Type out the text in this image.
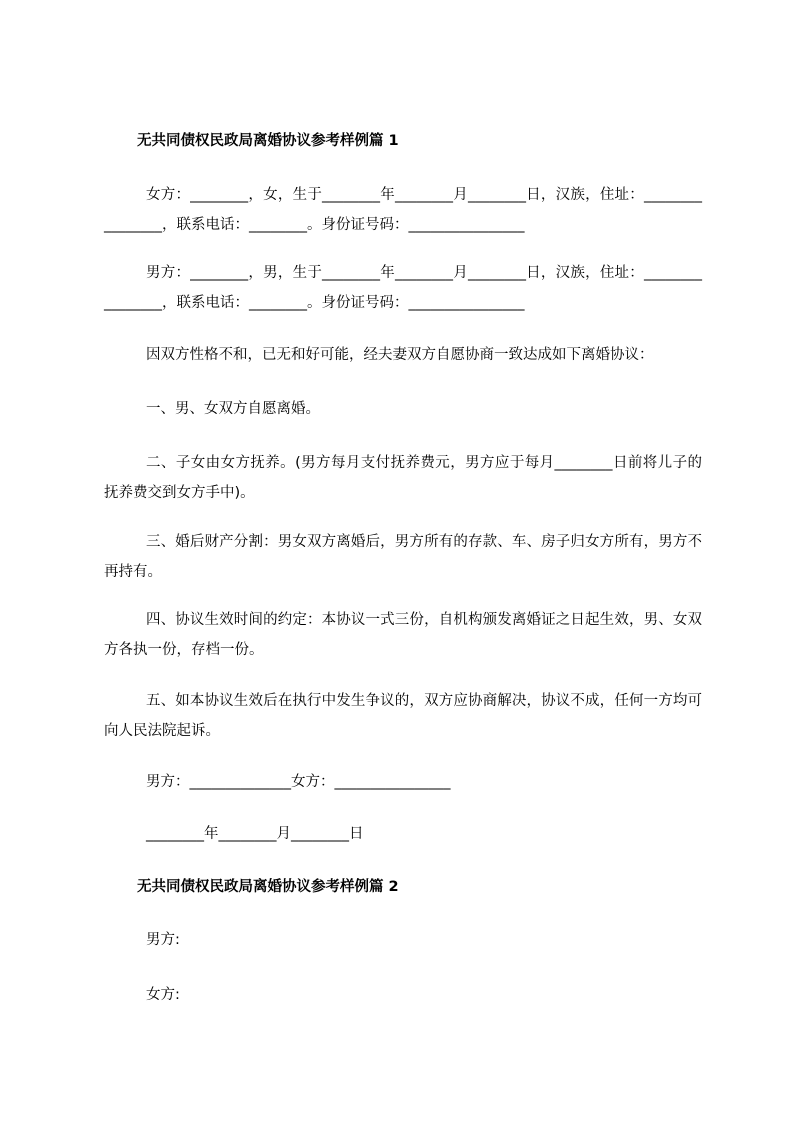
无共同债权民政局离婚协议参考样例篇 1
女方：________，女，生于________年________月________日，汉族，住址：________________，联系电话：________。身份证号码：________________
男方：________，男，生于________年________月________日，汉族，住址：________________，联系电话：________。身份证号码：________________
因双方性格不和，已无和好可能，经夫妻双方自愿协商一致达成如下离婚协议：
一、男、女双方自愿离婚。
二、子女由女方抚养。(男方每月支付抚养费元，男方应于每月________日前将儿子的抚养费交到女方手中)。
三、婚后财产分割：男女双方离婚后，男方所有的存款、车、房子归女方所有，男方不再持有。
四、协议生效时间的约定：本协议一式三份，自机构颁发离婚证之日起生效，男、女双方各执一份，存档一份。
五、如本协议生效后在执行中发生争议的，双方应协商解决，协议不成，任何一方均可向人民法院起诉。
男方：______________女方：________________
________年________月________日
无共同债权民政局离婚协议参考样例篇 2
男方:
女方:
